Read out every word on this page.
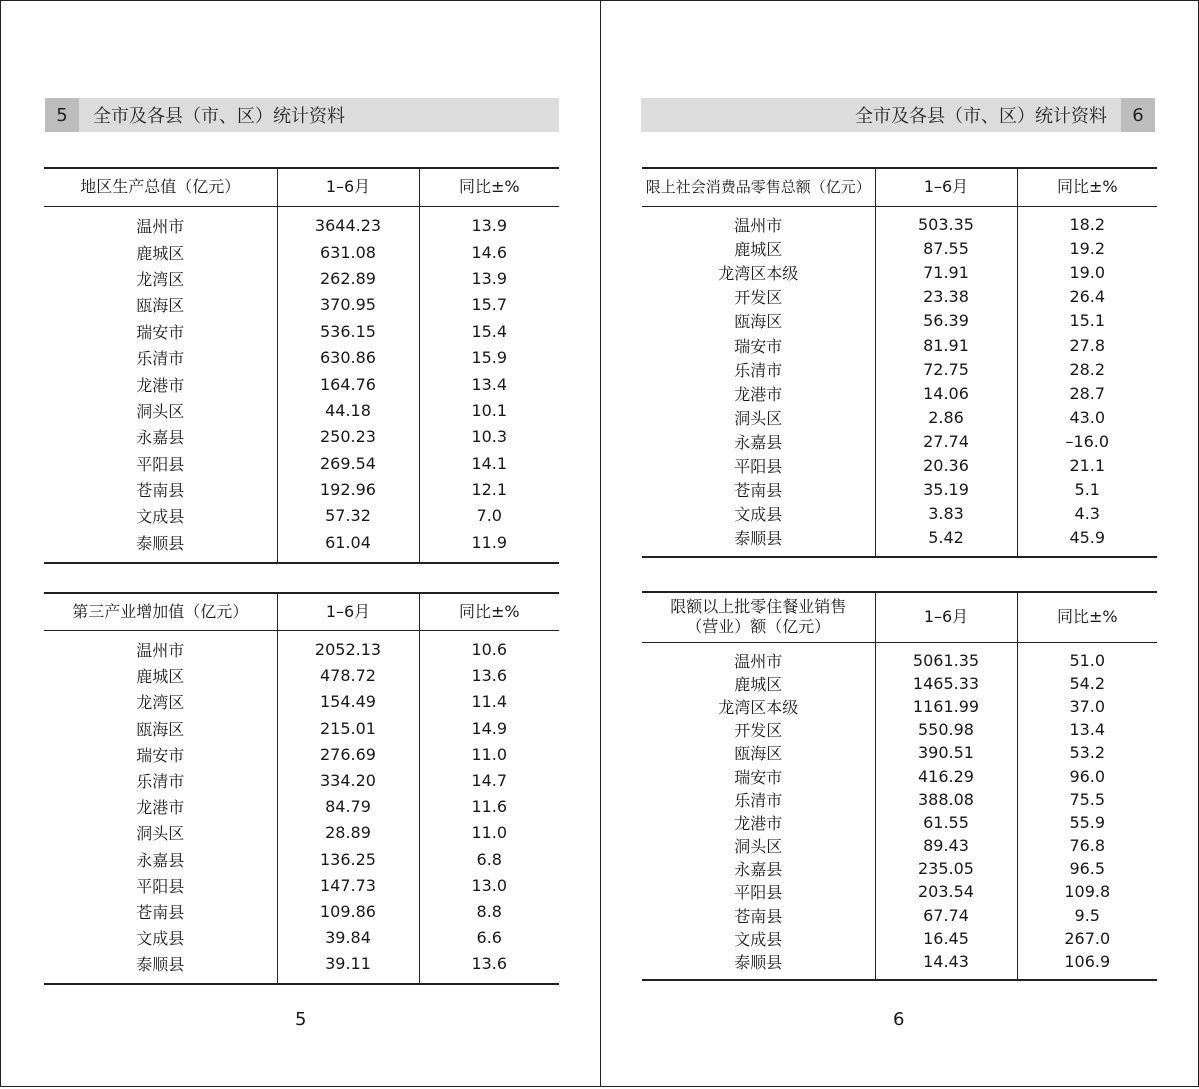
5	全市及各县（市、区）统计资料
地区生产总值（亿元）	1–6月	同比±%

温州市	3644.23	13.9
鹿城区	631.08	14.6
龙湾区	262.89	13.9
瓯海区	370.95	15.7
瑞安市	536.15	15.4
乐清市	630.86	15.9
龙港市	164.76	13.4
洞头区	44.18	10.1
永嘉县	250.23	10.3
平阳县	269.54	14.1
苍南县	192.96	12.1
文成县	57.32	7.0
泰顺县	61.04	11.9

第三产业增加值（亿元）	1–6月	同比±%

温州市	2052.13	10.6
鹿城区	478.72	13.6
龙湾区	154.49	11.4
瓯海区	215.01	14.9
瑞安市	276.69	11.0
乐清市	334.20	14.7
龙港市	84.79	11.6
洞头区	28.89	11.0
永嘉县	136.25	6.8
平阳县	147.73	13.0
苍南县	109.86	8.8
文成县	39.84	6.6
泰顺县	39.11	13.6

5
全市及各县（市、区）统计资料	6
限上社会消费品零售总额（亿元）	1–6月	同比±%

温州市	503.35	18.2
鹿城区	87.55	19.2
龙湾区本级	71.91	19.0
开发区	23.38	26.4
瓯海区	56.39	15.1
瑞安市	81.91	27.8
乐清市	72.75	28.2
龙港市	14.06	28.7
洞头区	2.86	43.0
永嘉县	27.74	–16.0
平阳县	20.36	21.1
苍南县	35.19	5.1
文成县	3.83	4.3
泰顺县	5.42	45.9

限额以上批零住餐业销售（营业）额（亿元）	1–6月	同比±%

温州市	5061.35	51.0
鹿城区	1465.33	54.2
龙湾区本级	1161.99	37.0
开发区	550.98	13.4
瓯海区	390.51	53.2
瑞安市	416.29	96.0
乐清市	388.08	75.5
龙港市	61.55	55.9
洞头区	89.43	76.8
永嘉县	235.05	96.5
平阳县	203.54	109.8
苍南县	67.74	9.5
文成县	16.45	267.0
泰顺县	14.43	106.9

6
